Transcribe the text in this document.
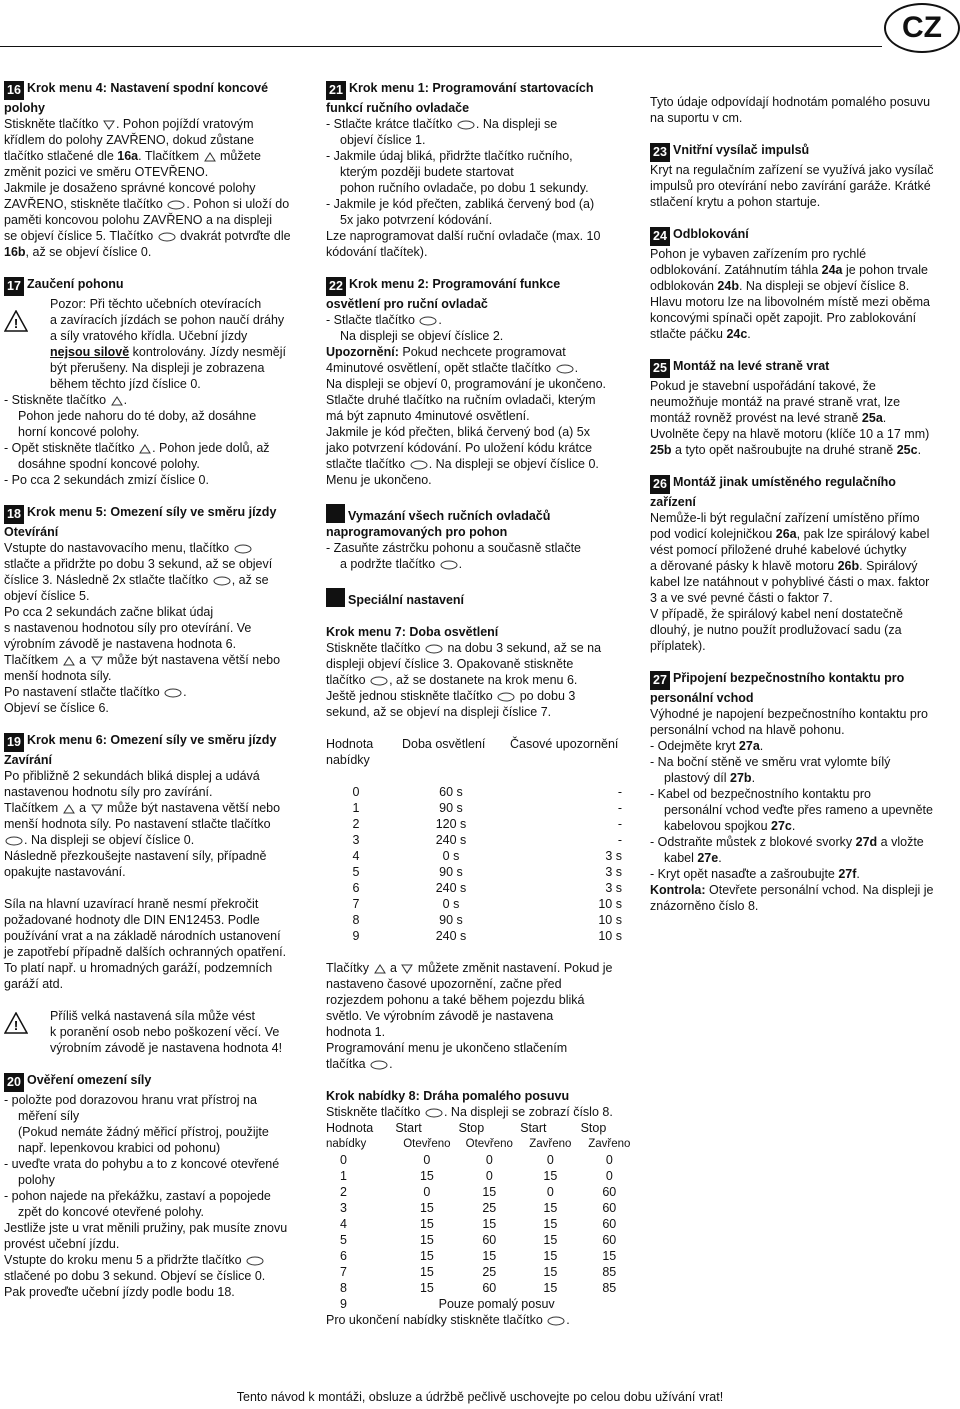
CZ

16 Krok menu 4: Nastavení spodní koncové polohy

Stiskněte tlačítko
. Pohon pojíždí vratovým

křídlem do polohy ZAVŘENO, dokud zůstane

tlačítko stlačené dle 16a. Tlačítkem
můžete

změnit pozici ve směru OTEVŘENO.

Jakmile je dosaženo správné koncové polohy

ZAVŘENO, stiskněte tlačítko
. Pohon si uloží do

paměti koncovou polohu ZAVŘENO a na displeji

se objeví číslice 5. Tlačítko
dvakrát potvrďte dle

16b, až se objeví číslice 0.

17 Zaučení pohonu

!

Pozor: Při těchto učebních otevíracích

a zavíracích jízdách se pohon naučí dráhy

a síly vratového křídla. Učební jízdy

nejsou silově kontrolovány. Jízdy nesmějí

být přerušeny. Na displeji je zobrazena

během těchto jízd číslice 0.

- Stiskněte tlačítko
.

Pohon jede nahoru do té doby, až dosáhne

horní koncové polohy.

- Opět stiskněte tlačítko
. Pohon jede dolů, až

dosáhne spodní koncové polohy.

- Po cca 2 sekundách zmizí číslice 0.

18 Krok menu 5: Omezení síly ve směru jízdy

Otevírání

Vstupte do nastavovacího menu, tlačítko

stlačte a přidržte po dobu 3 sekund, až se objeví

číslice 3. Následně 2x stlačte tlačítko
, až se

objeví číslice 5.

Po cca 2 sekundách začne blikat údaj

s nastavenou hodnotou síly pro otevírání. Ve

výrobním závodě je nastavena hodnota 6.

Tlačítkem
a
může být nastavena větší nebo

menší hodnota síly.

Po nastavení stlačte tlačítko
.

Objeví se číslice 6.

19 Krok menu 6: Omezení síly ve směru jízdy

Zavírání

Po přibližně 2 sekundách bliká displej a udává

nastavenou hodnotu síly pro zavírání.

Tlačítkem
a
může být nastavena větší nebo

menší hodnota síly. Po nastavení stlačte tlačítko

. Na displeji se objeví číslice 0.

Následně přezkoušejte nastavení síly, případně

opakujte nastavování.

Síla na hlavní uzavírací hraně nesmí překročit

požadované hodnoty dle DIN EN12453. Podle

používání vrat a na základě národních ustanovení

je zapotřebí případně dalších ochranných opatření.

To platí např. u hromadných garáží, podzemních

garáží atd.

!

Příliš velká nastavená síla může vést

k poranění osob nebo poškození věcí. Ve

výrobním závodě je nastavena hodnota 4!

20 Ověření omezení síly

- položte pod dorazovou hranu vrat přístroj na

měření síly

(Pokud nemáte žádný měřicí přístroj, použijte

např. lepenkovou krabici od pohonu)

- uveďte vrata do pohybu a to z koncové otevřené

polohy

- pohon najede na překážku, zastaví a popojede

zpět do koncové otevřené polohy.

Jestliže jste u vrat měnili pružiny, pak musíte znovu

provést učební jízdu.

Vstupte do kroku menu 5 a přidržte tlačítko

stlačené po dobu 3 sekund. Objeví se číslice 0.

Pak proveďte učební jízdy podle bodu 18.

21 Krok menu 1: Programování startovacích

funkcí ručního ovladače

- Stlačte krátce tlačítko
. Na displeji se

objeví číslice 1.

- Jakmile údaj bliká, přidržte tlačítko ručního,

kterým později budete startovat

pohon ručního ovladače, po dobu 1 sekundy.

- Jakmile je kód přečten, zabliká červený bod (a)

5x jako potvrzení kódování.

Lze naprogramovat další ruční ovladače (max. 10

kódování tlačítek).

22 Krok menu 2: Programování funkce

osvětlení pro ruční ovladač

- Stlačte tlačítko
.

Na displeji se objeví číslice 2.

Upozornění: Pokud nechcete programovat

4minutové osvětlení, opět stlačte tlačítko
.

Na displeji se objeví 0, programování je ukončeno.

Stlačte druhé tlačítko na ručním ovladači, kterým

má být zapnuto 4minutové osvětlení.

Jakmile je kód přečten, bliká červený bod (a) 5x

jako potvrzení kódování. Po uložení kódu krátce

stlačte tlačítko
. Na displeji se objeví číslice 0.

Menu je ukončeno.

Vymazání všech ručních ovladačů

naprogramovaných pro pohon

- Zasuňte zástrčku pohonu a současně stlačte

a podržte tlačítko
.

Speciální nastavení

Krok menu 7: Doba osvětlení

Stiskněte tlačítko
na dobu 3 sekund, až se na

displeji objeví číslice 3. Opakovaně stiskněte

tlačítko
, až se dostanete na krok menu 6.

Ještě jednou stiskněte tlačítko
po dobu 3

sekund, až se objeví na displeji číslice 7.

Hodnota nabídky	Doba osvětlení	Časové upozornění

0	60 s	-
1	90 s	-
2	120 s	-
3	240 s	-
4	0 s	3 s
5	90 s	3 s
6	240 s	3 s
7	0 s	10 s
8	90 s	10 s
9	240 s	10 s

Tlačítky
a
můžete změnit nastavení. Pokud je

nastaveno časové upozornění, začne před

rozjezdem pohonu a také během pojezdu bliká

světlo. Ve výrobním závodě je nastavena

hodnota 1.

Programování menu je ukončeno stlačením

tlačítka
.

Krok nabídky 8: Dráha pomalého posuvu

Stiskněte tlačítko
. Na displeji se zobrazí číslo 8.

Hodnota	Start	Stop	Start	Stop
nabídky	Otevřeno	Otevřeno	Zavřeno	Zavřeno
0	0	0	0	0
1	15	0	15	0
2	0	15	0	60
3	15	25	15	60
4	15	15	15	60
5	15	60	15	60
6	15	15	15	15
7	15	25	15	85
8	15	60	15	85
9	Pouze pomalý posuv			

Pro ukončení nabídky stiskněte tlačítko
.

Tyto údaje odpovídají hodnotám pomalého posuvu

na suportu v cm.

23 Vnitřní vysílač impulsů

Kryt na regulačním zařízení se využívá jako vysílač

impulsů pro otevírání nebo zavírání garáže. Krátké

stlačení krytu a pohon startuje.

24 Odblokování

Pohon je vybaven zařízením pro rychlé

odblokování. Zatáhnutím táhla 24a je pohon trvale

odblokován 24b. Na displeji se objeví číslice 8.

Hlavu motoru lze na libovolném místě mezi oběma

koncovými spínači opět zapojit. Pro zablokování

stlačte páčku 24c.

25 Montáž na levé straně vrat

Pokud je stavební uspořádání takové, že

neumožňuje montáž na pravé straně vrat, lze

montáž rovněž provést na levé straně 25a.

Uvolněte čepy na hlavě motoru (klíče 10 a 17 mm)

25b a tyto opět našroubujte na druhé straně 25c.

26 Montáž jinak umístěného regulačního

zařízení

Nemůže-li být regulační zařízení umístěno přímo

pod vodicí kolejničkou 26a, pak lze spirálový kabel

vést pomocí přiložené druhé kabelové úchytky

a děrované pásky k hlavě motoru 26b. Spirálový

kabel lze natáhnout v pohyblivé části o max. faktor

3 a ve své pevné části o faktor 7.

V případě, že spirálový kabel není dostatečně

dlouhý, je nutno použít prodlužovací sadu (za

příplatek).

27 Připojení bezpečnostního kontaktu pro

personální vchod

Výhodné je napojení bezpečnostního kontaktu pro

personální vchod na hlavě pohonu.

- Odejměte kryt 27a.

- Na boční stěně ve směru vrat vylomte bílý

plastový díl 27b.

- Kabel od bezpečnostního kontaktu pro

personální vchod veďte přes rameno a upevněte

kabelovou spojkou 27c.

- Odstraňte můstek z blokové svorky 27d a vložte

kabel 27e.

- Kryt opět nasaďte a zašroubujte 27f.

Kontrola: Otevřete personální vchod. Na displeji je

znázorněno číslo 8.

Tento návod k montáži, obsluze a údržbě pečlivě uschovejte po celou dobu užívání vrat!
